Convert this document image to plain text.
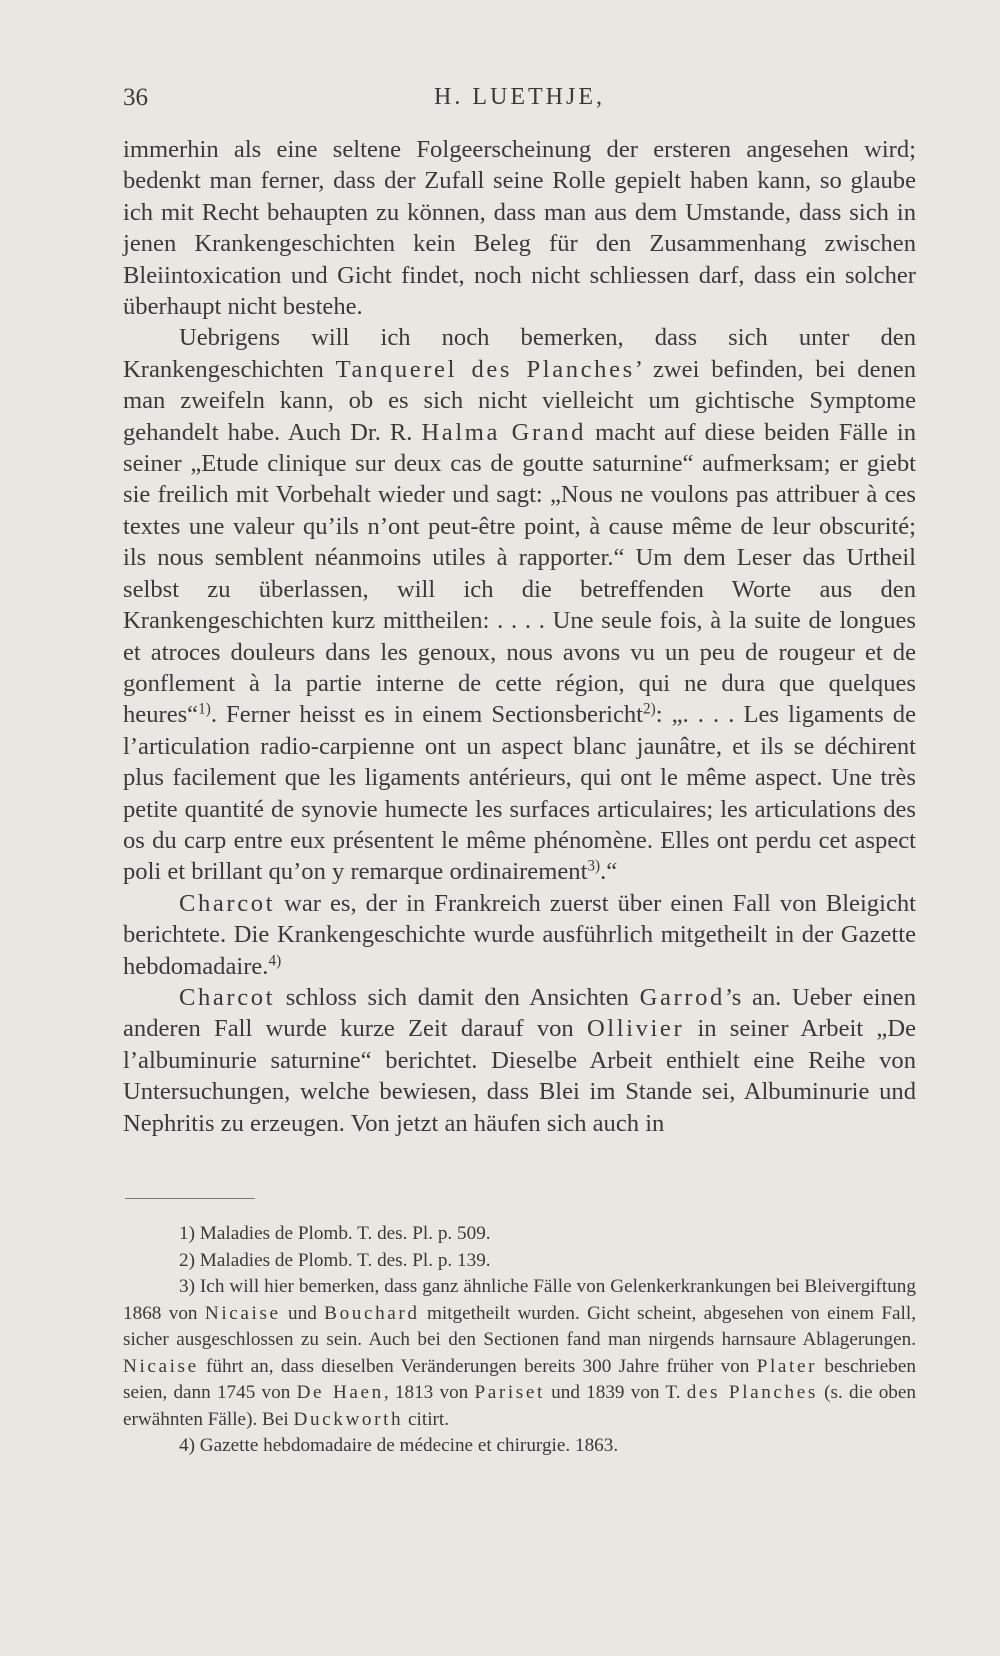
36	H. LUETHJE,

immerhin als eine seltene Folgeerscheinung der ersteren angesehen wird; bedenkt man ferner, dass der Zufall seine Rolle gepielt haben kann, so glaube ich mit Recht behaupten zu können, dass man aus dem Umstande, dass sich in jenen Krankengeschichten kein Beleg für den Zusammenhang zwischen Bleiintoxication und Gicht findet, noch nicht schliessen darf, dass ein solcher überhaupt nicht bestehe.

Uebrigens will ich noch bemerken, dass sich unter den Krankengeschichten Tanquerel des Planches’ zwei befinden, bei denen man zweifeln kann, ob es sich nicht vielleicht um gichtische Symptome gehandelt habe. Auch Dr. R. Halma Grand macht auf diese beiden Fälle in seiner „Etude clinique sur deux cas de goutte saturnine“ aufmerksam; er giebt sie freilich mit Vorbehalt wieder und sagt: „Nous ne voulons pas attribuer à ces textes une valeur qu’ils n’ont peut-être point, à cause même de leur obscurité; ils nous semblent néanmoins utiles à rapporter.“ Um dem Leser das Urtheil selbst zu überlassen, will ich die betreffenden Worte aus den Krankengeschichten kurz mittheilen: . . . . Une seule fois, à la suite de longues et atroces douleurs dans les genoux, nous avons vu un peu de rougeur et de gonflement à la partie interne de cette région, qui ne dura que quelques heures“$^{1)}$. Ferner heisst es in einem Sectionsbericht$^{2)}$: „. . . . Les ligaments de l’articulation radio-carpienne ont un aspect blanc jaunâtre, et ils se déchirent plus facilement que les ligaments antérieurs, qui ont le même aspect. Une très petite quantité de synovie humecte les surfaces articulaires; les articulations des os du carp entre eux présentent le même phénomène. Elles ont perdu cet aspect poli et brillant qu’on y remarque ordinairement$^{3)}$.“

Charcot war es, der in Frankreich zuerst über einen Fall von Bleigicht berichtete. Die Krankengeschichte wurde ausführlich mitgetheilt in der Gazette hebdomadaire.$^{4)}$

Charcot schloss sich damit den Ansichten Garrod’s an. Ueber einen anderen Fall wurde kurze Zeit darauf von Ollivier in seiner Arbeit „De l’albuminurie saturnine“ berichtet. Dieselbe Arbeit enthielt eine Reihe von Untersuchungen, welche bewiesen, dass Blei im Stande sei, Albuminurie und Nephritis zu erzeugen. Von jetzt an häufen sich auch in

1) Maladies de Plomb. T. des. Pl. p. 509.

2) Maladies de Plomb. T. des. Pl. p. 139.

3) Ich will hier bemerken, dass ganz ähnliche Fälle von Gelenkerkrankungen bei Bleivergiftung 1868 von Nicaise und Bouchard mitgetheilt wurden. Gicht scheint, abgesehen von einem Fall, sicher ausgeschlossen zu sein. Auch bei den Sectionen fand man nirgends harnsaure Ablagerungen. Nicaise führt an, dass dieselben Veränderungen bereits 300 Jahre früher von Plater beschrieben seien, dann 1745 von De Haen, 1813 von Pariset und 1839 von T. des Planches (s. die oben erwähnten Fälle). Bei Duckworth citirt.

4) Gazette hebdomadaire de médecine et chirurgie. 1863.
